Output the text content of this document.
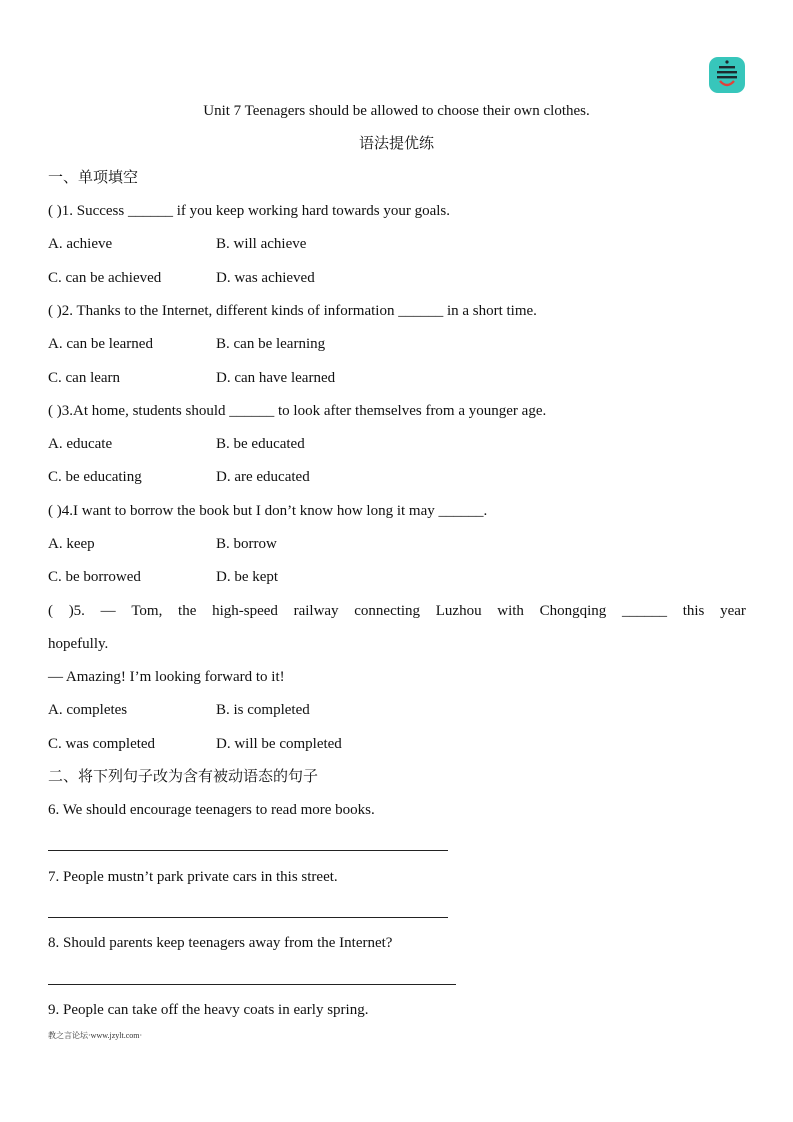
Unit 7 Teenagers should be allowed to choose their own clothes.
语法提优练
一、单项填空
( )1. Success ______ if you keep working hard towards your goals.
A. achieve	B. will achieve
C. can be achieved	D. was achieved
( )2. Thanks to the Internet, different kinds of information ______ in a short time.
A. can be learned	B. can be learning
C. can learn	D. can have learned
( )3.At home, students should ______ to look after themselves from a younger age.
A. educate	B. be educated
C. be educating	D. are educated
( )4.I want to borrow the book but I don’t know how long it may ______.
A. keep	B. borrow
C. be borrowed	D. be kept
( )5. — Tom, the high-speed railway connecting Luzhou with Chongqing ______ this year
hopefully.
— Amazing! I’m looking forward to it!
A. completes	B. is completed
C. was completed	D. will be completed
二、将下列句子改为含有被动语态的句子
6. We should encourage teenagers to read more books.
7. People mustn’t park private cars in this street.
8. Should parents keep teenagers away from the Internet?
9. People can take off the heavy coats in early spring.
教之言论坛·www.jzylt.com·
